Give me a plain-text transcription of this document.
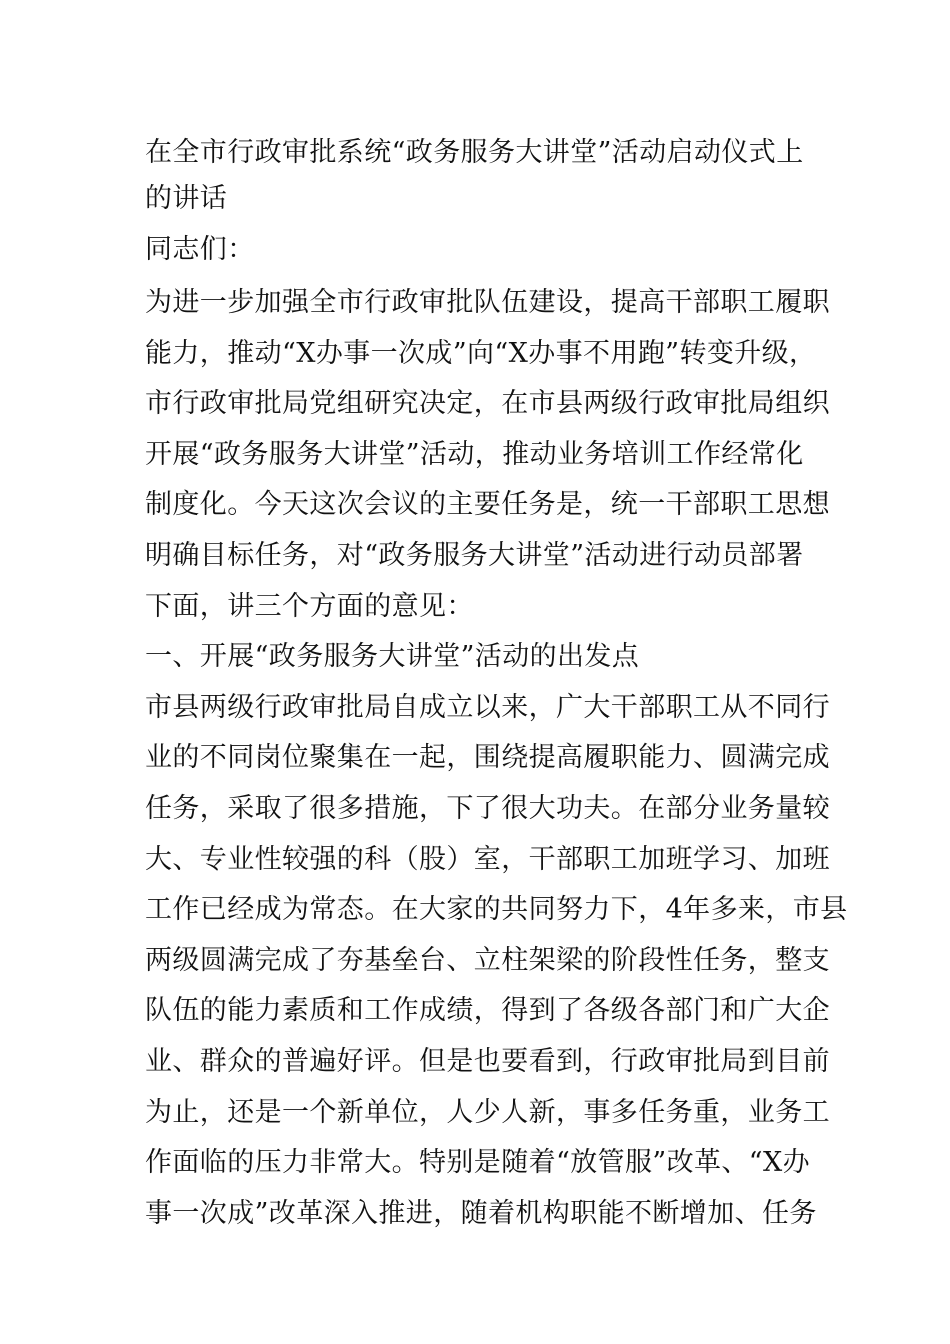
在全市行政审批系统“政务服务大讲堂”活动启动仪式上
的讲话
同志们：
为进一步加强全市行政审批队伍建设，提高干部职工履职
能力，推动“X办事一次成”向“X办事不用跑”转变升级，
市行政审批局党组研究决定，在市县两级行政审批局组织
开展“政务服务大讲堂”活动，推动业务培训工作经常化
制度化。今天这次会议的主要任务是，统一干部职工思想
明确目标任务，对“政务服务大讲堂”活动进行动员部署
下面，讲三个方面的意见：
一、开展“政务服务大讲堂”活动的出发点
市县两级行政审批局自成立以来，广大干部职工从不同行
业的不同岗位聚集在一起，围绕提高履职能力、圆满完成
任务，采取了很多措施，下了很大功夫。在部分业务量较
大、专业性较强的科（股）室，干部职工加班学习、加班
工作已经成为常态。在大家的共同努力下，4年多来，市县
两级圆满完成了夯基垒台、立柱架梁的阶段性任务，整支
队伍的能力素质和工作成绩，得到了各级各部门和广大企
业、群众的普遍好评。但是也要看到，行政审批局到目前
为止，还是一个新单位，人少人新，事多任务重，业务工
作面临的压力非常大。特别是随着“放管服”改革、“X办
事一次成”改革深入推进，随着机构职能不断增加、任务
